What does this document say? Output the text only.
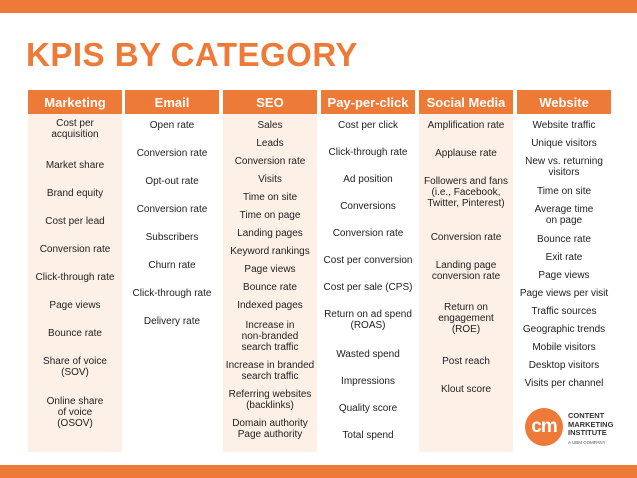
KPIS BY CATEGORY
Marketing
Cost per
acquisition
Market share
Brand equity
Cost per lead
Conversion rate
Click-through rate
Page views
Bounce rate
Share of voice
(SOV)
Online share
of voice
(OSOV)
Email
Open rate
Conversion rate
Opt-out rate
Conversion rate
Subscribers
Churn rate
Click-through rate
Delivery rate
SEO
Sales
Leads
Conversion rate
Visits
Time on site
Time on page
Landing pages
Keyword rankings
Page views
Bounce rate
Indexed pages
Increase in
non-branded
search traffic
Increase in branded
search traffic
Referring websites
(backlinks)
Domain authority
Page authority
Pay-per-click
Cost per click
Click-through rate
Ad position
Conversions
Conversion rate
Cost per conversion
Cost per sale (CPS)
Return on ad spend
(ROAS)
Wasted spend
Impressions
Quality score
Total spend
Social Media
Amplification rate
Applause rate
Followers and fans
(i.e., Facebook,
Twitter, Pinterest)
Conversion rate
Landing page
conversion rate
Return on
engagement
(ROE)
Post reach
Klout score
Website
Website traffic
Unique visitors
New vs. returning
visitors
Time on site
Average time
on page
Bounce rate
Exit rate
Page views
Page views per visit
Traffic sources
Geographic trends
Mobile visitors
Desktop visitors
Visits per channel
cm
CONTENT
MARKETING
INSTITUTE
A UBM COMPANY
